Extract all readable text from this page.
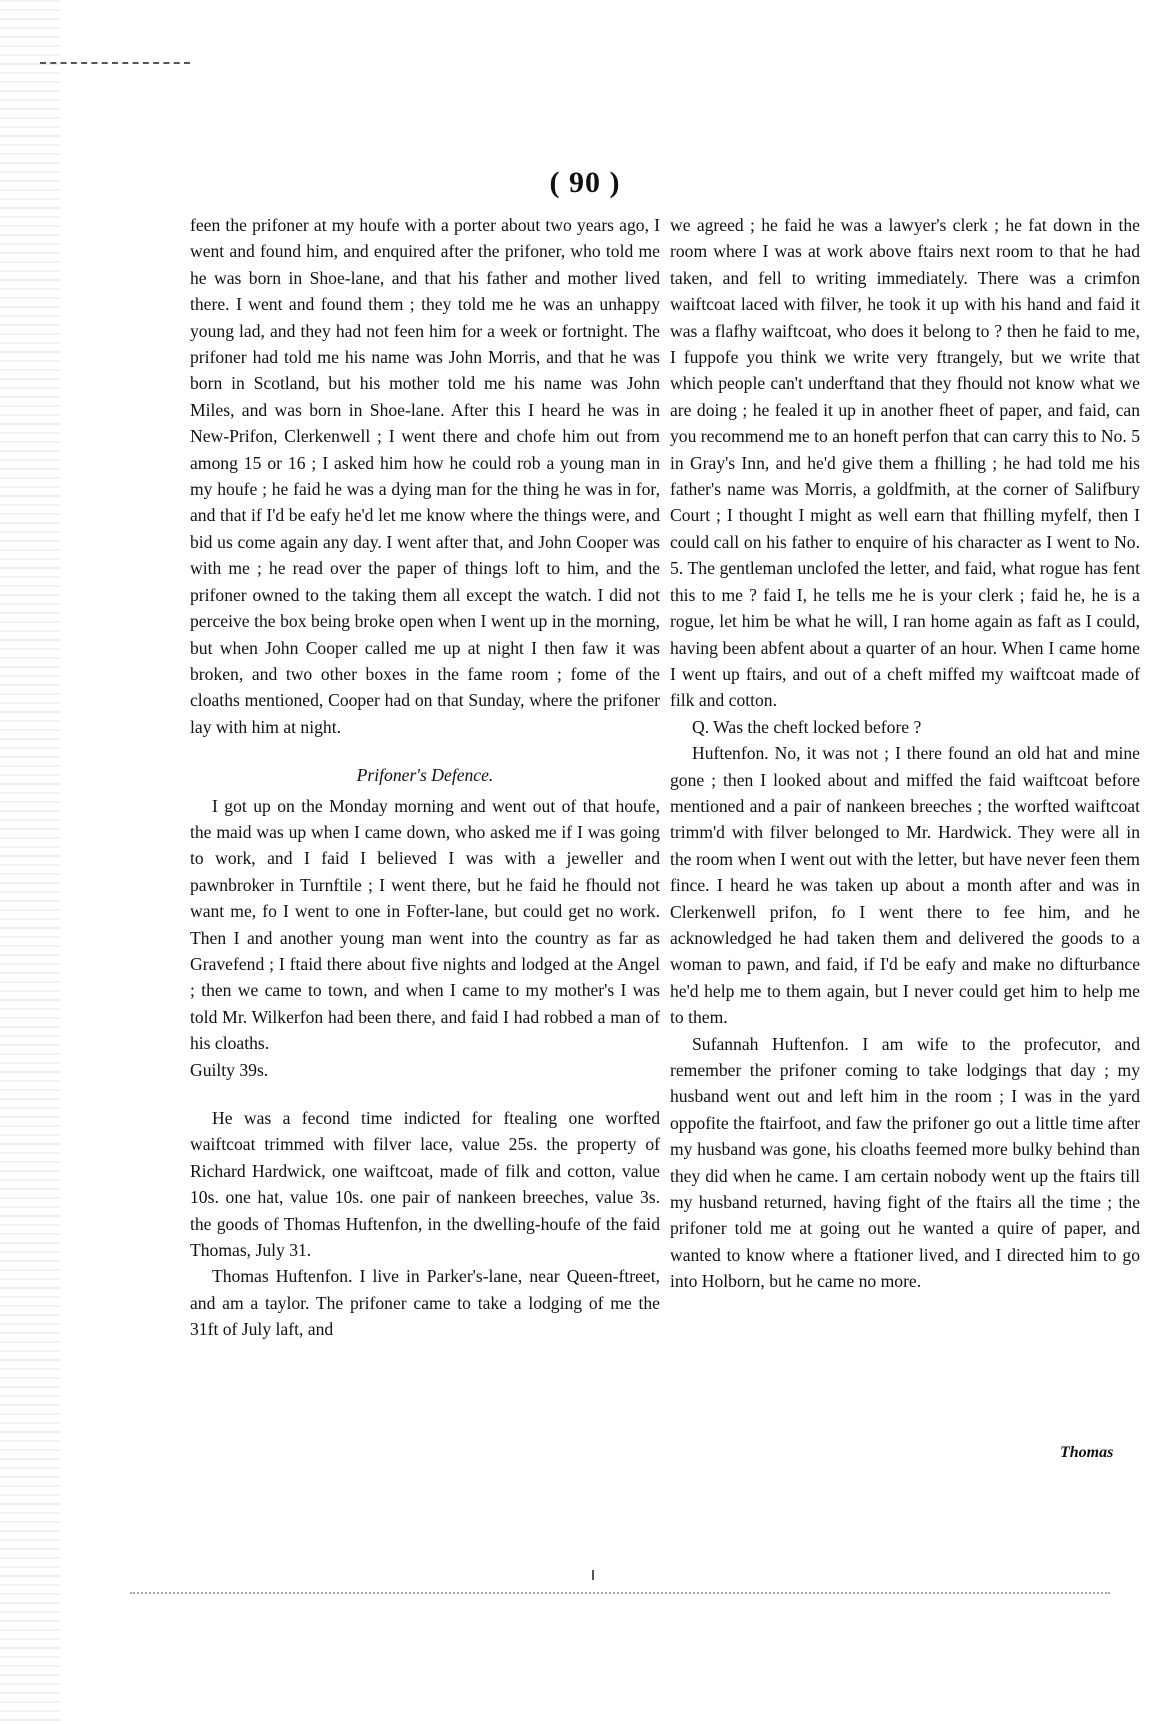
( 90 )

feen the prifoner at my houfe with a porter about two years ago, I went and found him, and enquired after the prifoner, who told me he was born in Shoe-lane, and that his father and mother lived there. I went and found them ; they told me he was an unhappy young lad, and they had not feen him for a week or fortnight. The prifoner had told me his name was John Morris, and that he was born in Scotland, but his mother told me his name was John Miles, and was born in Shoe-lane. After this I heard he was in New-Prifon, Clerkenwell ; I went there and chofe him out from among 15 or 16 ; I asked him how he could rob a young man in my houfe ; he faid he was a dying man for the thing he was in for, and that if I'd be eafy he'd let me know where the things were, and bid us come again any day. I went after that, and John Cooper was with me ; he read over the paper of things loft to him, and the prifoner owned to the taking them all except the watch. I did not perceive the box being broke open when I went up in the morning, but when John Cooper called me up at night I then faw it was broken, and two other boxes in the fame room ; fome of the cloaths mentioned, Cooper had on that Sunday, where the prifoner lay with him at night.

Prifoner's Defence.

I got up on the Monday morning and went out of that houfe, the maid was up when I came down, who asked me if I was going to work, and I faid I believed I was with a jeweller and pawnbroker in Turnftile ; I went there, but he faid he fhould not want me, fo I went to one in Fofter-lane, but could get no work. Then I and another young man went into the country as far as Gravefend ; I ftaid there about five nights and lodged at the Angel ; then we came to town, and when I came to my mother's I was told Mr. Wilkerfon had been there, and faid I had robbed a man of his cloaths.

Guilty 39s.

He was a fecond time indicted for ftealing one worfted waiftcoat trimmed with filver lace, value 25s. the property of Richard Hardwick, one waiftcoat, made of filk and cotton, value 10s. one hat, value 10s. one pair of nankeen breeches, value 3s. the goods of Thomas Huftenfon, in the dwelling-houfe of the faid Thomas, July 31.

Thomas Huftenfon. I live in Parker's-lane, near Queen-ftreet, and am a taylor. The prifoner came to take a lodging of me the 31ft of July laft, and

we agreed ; he faid he was a lawyer's clerk ; he fat down in the room where I was at work above ftairs next room to that he had taken, and fell to writing immediately. There was a crimfon waiftcoat laced with filver, he took it up with his hand and faid it was a flafhy waiftcoat, who does it belong to ? then he faid to me, I fuppofe you think we write very ftrangely, but we write that which people can't underftand that they fhould not know what we are doing ; he fealed it up in another fheet of paper, and faid, can you recommend me to an honeft perfon that can carry this to No. 5 in Gray's Inn, and he'd give them a fhilling ; he had told me his father's name was Morris, a goldfmith, at the corner of Salifbury Court ; I thought I might as well earn that fhilling myfelf, then I could call on his father to enquire of his character as I went to No. 5. The gentleman unclofed the letter, and faid, what rogue has fent this to me ? faid I, he tells me he is your clerk ; faid he, he is a rogue, let him be what he will, I ran home again as faft as I could, having been abfent about a quarter of an hour. When I came home I went up ftairs, and out of a cheft miffed my waiftcoat made of filk and cotton.

Q. Was the cheft locked before ?

Huftenfon. No, it was not ; I there found an old hat and mine gone ; then I looked about and miffed the faid waiftcoat before mentioned and a pair of nankeen breeches ; the worfted waiftcoat trimm'd with filver belonged to Mr. Hardwick. They were all in the room when I went out with the letter, but have never feen them fince. I heard he was taken up about a month after and was in Clerkenwell prifon, fo I went there to fee him, and he acknowledged he had taken them and delivered the goods to a woman to pawn, and faid, if I'd be eafy and make no difturbance he'd help me to them again, but I never could get him to help me to them.

Sufannah Huftenfon. I am wife to the profecutor, and remember the prifoner coming to take lodgings that day ; my husband went out and left him in the room ; I was in the yard oppofite the ftairfoot, and faw the prifoner go out a little time after my husband was gone, his cloaths feemed more bulky behind than they did when he came. I am certain nobody went up the ftairs till my husband returned, having fight of the ftairs all the time ; the prifoner told me at going out he wanted a quire of paper, and wanted to know where a ftationer lived, and I directed him to go into Holborn, but he came no more.

Thomas
